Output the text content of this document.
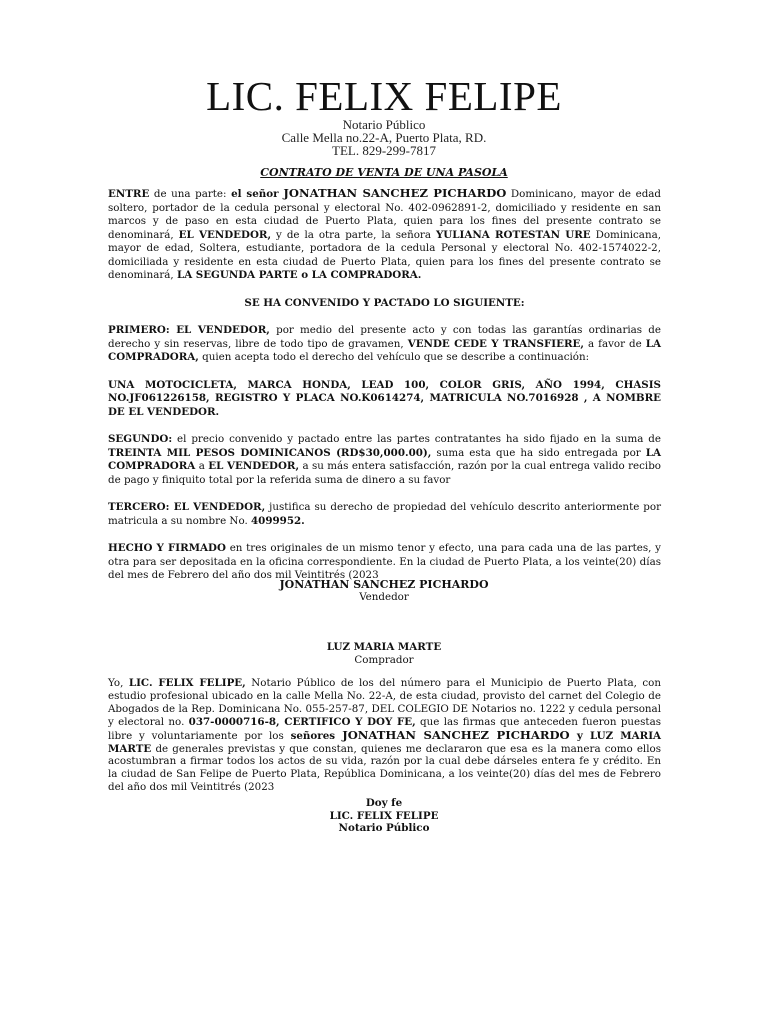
LIC. FELIX FELIPE
Notario Público
Calle Mella no.22-A, Puerto Plata, RD.
TEL. 829-299-7817
CONTRATO DE VENTA DE UNA PASOLA

ENTRE de una parte: el señor JONATHAN SANCHEZ PICHARDO Dominicano, mayor de edad soltero, portador de la cedula personal y electoral No. 402-0962891-2, domiciliado y residente en san marcos y de paso en esta ciudad de Puerto Plata, quien para los fines del presente contrato se denominará, EL VENDEDOR, y de la otra parte, la señora YULIANA ROTESTAN URE Dominicana, mayor de edad, Soltera, estudiante, portadora de la cedula Personal y electoral No. 402-1574022-2, domiciliada y residente en esta ciudad de Puerto Plata, quien para los fines del presente contrato se denominará, LA SEGUNDA PARTE o LA COMPRADORA.

SE HA CONVENIDO Y PACTADO LO SIGUIENTE:

PRIMERO: EL VENDEDOR, por medio del presente acto y con todas las garantías ordinarias de derecho y sin reservas, libre de todo tipo de gravamen, VENDE CEDE Y TRANSFIERE, a favor de LA COMPRADORA, quien acepta todo el derecho del vehículo que se describe a continuación:

UNA MOTOCICLETA, MARCA HONDA, LEAD 100, COLOR GRIS, AÑO 1994, CHASIS NO.JF061226158, REGISTRO Y PLACA NO.K0614274, MATRICULA NO.7016928 , A NOMBRE DE EL VENDEDOR.

SEGUNDO: el precio convenido y pactado entre las partes contratantes ha sido fijado en la suma de TREINTA MIL PESOS DOMINICANOS (RD$30,000.00), suma esta que ha sido entregada por LA COMPRADORA a EL VENDEDOR, a su más entera satisfacción, razón por la cual entrega valido recibo de pago y finiquito total por la referida suma de dinero a su favor

TERCERO: EL VENDEDOR, justifica su derecho de propiedad del vehículo descrito anteriormente por matricula a su nombre No. 4099952.

HECHO Y FIRMADO en tres originales de un mismo tenor y efecto, una para cada una de las partes, y otra para ser depositada en la oficina correspondiente. En la ciudad de Puerto Plata, a los veinte(20) días del mes de Febrero del año dos mil Veintitrés (2023

JONATHAN SANCHEZ PICHARDO
Vendedor
LUZ MARIA MARTE
Comprador
Yo, LIC. FELIX FELIPE, Notario Público de los del número para el Municipio de Puerto Plata, con estudio profesional ubicado en la calle Mella No. 22-A, de esta ciudad, provisto del carnet del Colegio de Abogados de la Rep. Dominicana No. 055-257-87, DEL COLEGIO DE Notarios no. 1222 y cedula personal y electoral no. 037-0000716-8, CERTIFICO Y DOY FE, que las firmas que anteceden fueron puestas libre y voluntariamente por los señores JONATHAN SANCHEZ PICHARDO y LUZ MARIA MARTE de generales previstas y que constan, quienes me declararon que esa es la manera como ellos acostumbran a firmar todos los actos de su vida, razón por la cual debe dárseles entera fe y crédito. En la ciudad de San Felipe de Puerto Plata, República Dominicana, a los veinte(20) días del mes de Febrero del año dos mil Veintitrés (2023
Doy fe
LIC. FELIX FELIPE
Notario Público
